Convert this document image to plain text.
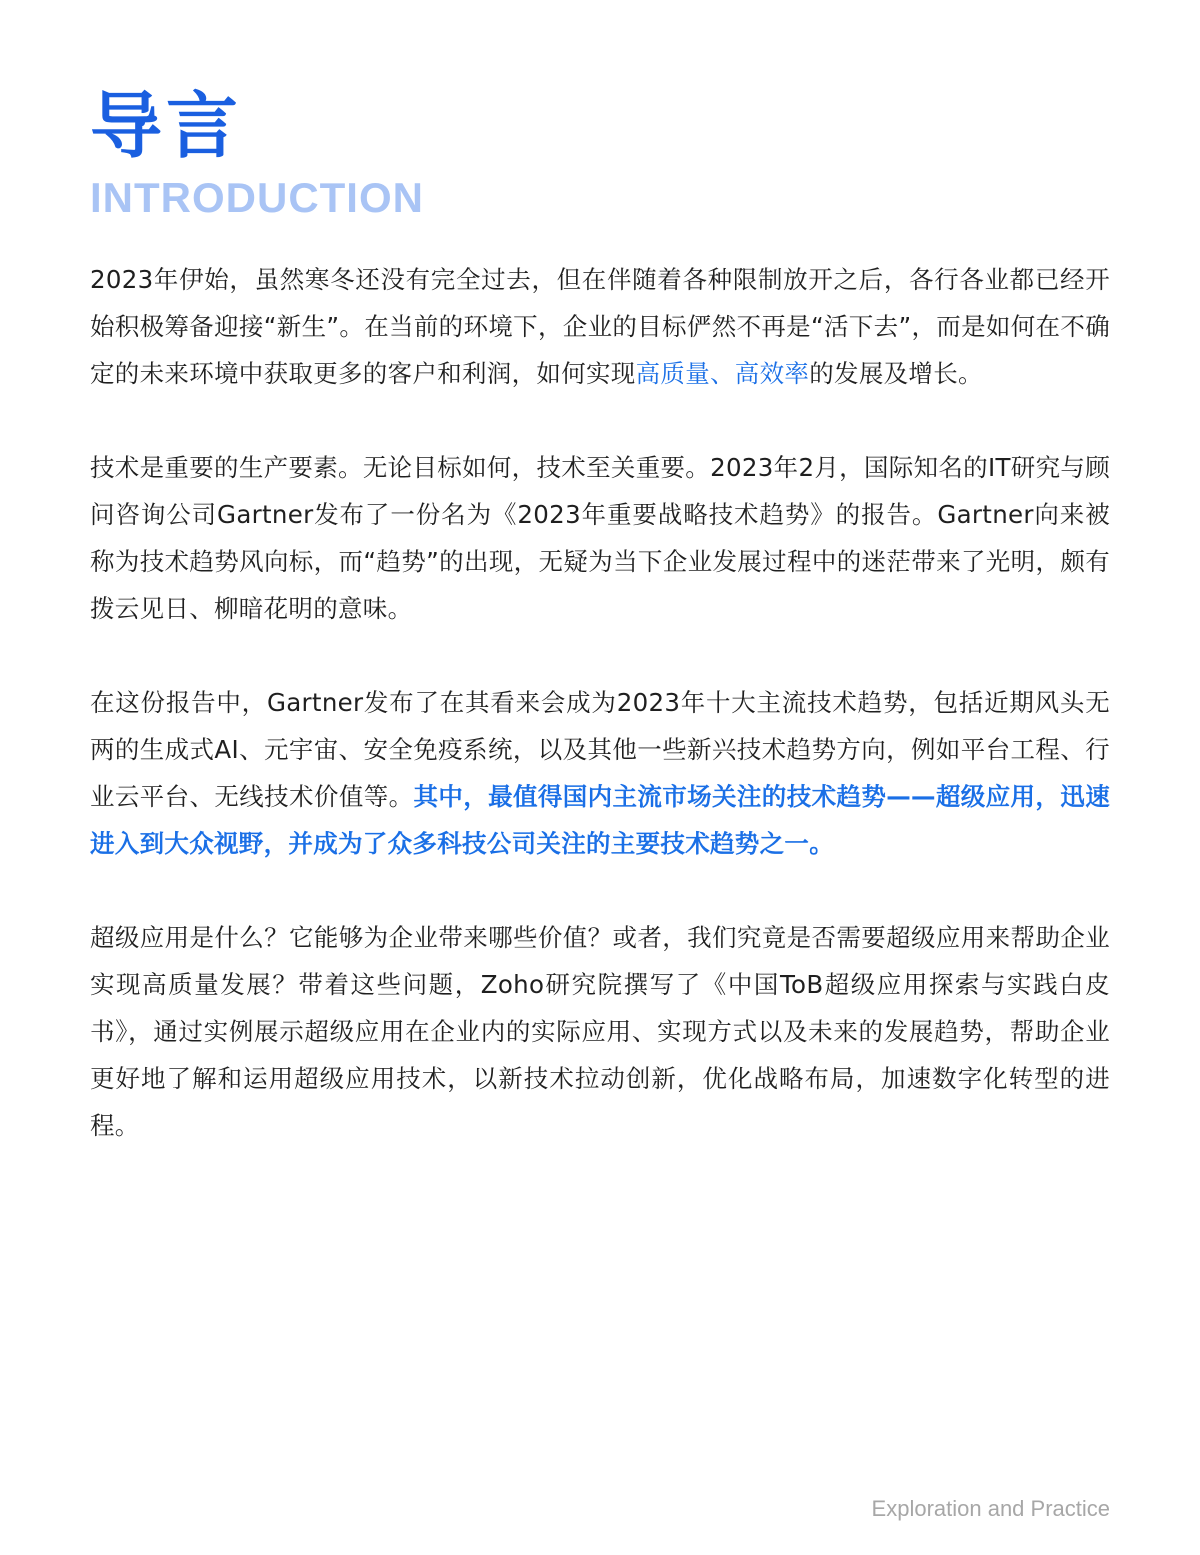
导言
INTRODUCTION

2023年伊始，虽然寒冬还没有完全过去，但在伴随着各种限制放开之后，各行各业都已经开始积极筹备迎接“新生”。在当前的环境下，企业的目标俨然不再是“活下去”，而是如何在不确定的未来环境中获取更多的客户和利润，如何实现高质量、高效率的发展及增长。

技术是重要的生产要素。无论目标如何，技术至关重要。2023年2月，国际知名的IT研究与顾问咨询公司Gartner发布了一份名为《2023年重要战略技术趋势》的报告。Gartner向来被称为技术趋势风向标，而“趋势”的出现，无疑为当下企业发展过程中的迷茫带来了光明，颇有拨云见日、柳暗花明的意味。

在这份报告中，Gartner发布了在其看来会成为2023年十大主流技术趋势，包括近期风头无两的生成式AI、元宇宙、安全免疫系统，以及其他一些新兴技术趋势方向，例如平台工程、行业云平台、无线技术价值等。其中，最值得国内主流市场关注的技术趋势——超级应用，迅速进入到大众视野，并成为了众多科技公司关注的主要技术趋势之一。

超级应用是什么？它能够为企业带来哪些价值？或者，我们究竟是否需要超级应用来帮助企业实现高质量发展？带着这些问题，Zoho研究院撰写了《中国ToB超级应用探索与实践白皮书》，通过实例展示超级应用在企业内的实际应用、实现方式以及未来的发展趋势，帮助企业更好地了解和运用超级应用技术，以新技术拉动创新，优化战略布局，加速数字化转型的进程。

Exploration and Practice
